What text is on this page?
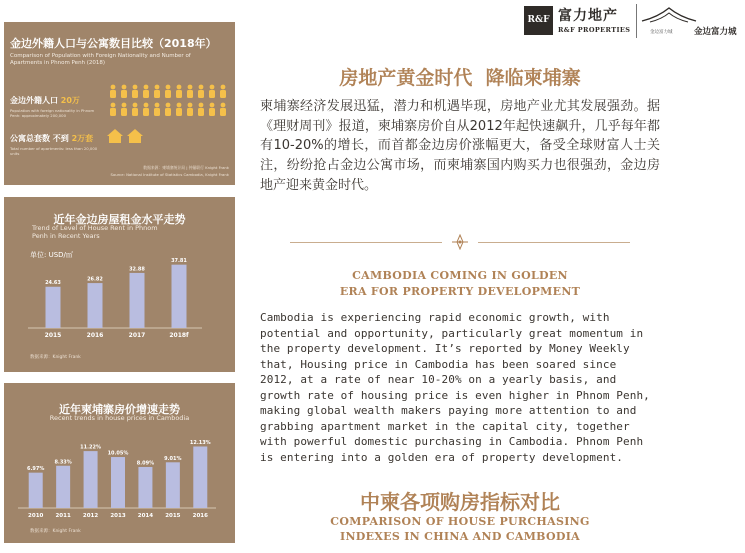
R&F 富力地产
R&F PROPERTIES	金边富力城	金边富力城
金边外籍人口与公寓数目比较（2018年）
Comparison of Population with Foreign Nationality and Number of Apartments in Phnom Penh (2018)
金边外籍人口 20万
Population with foreign nationality in Phnom Penh: approximately 200,000
公寓总套数 不到 2万套
Total number of apartments: less than 20,000 units
数据来源：柬埔寨统计局 | 仲量联行 Knight Frank
Source: National Institute of Statistics Cambodia, Knight Frank
近年金边房屋租金水平走势
Trend of Level of House Rent in Phnom
Penh in Recent Years
单位: USD/㎡
24.63
2015
26.82
2016
32.88
2017
37.81
2018f
数据来源：Knight Frank
近年柬埔寨房价增速走势
Recent trends in house prices in Cambodia
6.97%
2010
8.33%
2011
11.22%
2012
10.05%
2013
8.09%
2014
9.01%
2015
12.13%
2016
数据来源：Knight Frank
房地产黄金时代  降临柬埔寨
柬埔寨经济发展迅猛，潜力和机遇毕现，房地产业尤其发展强劲。据《理财周刊》报道，柬埔寨房价自从2012年起快速飙升，几乎每年都有10-20%的增长，而首都金边房价涨幅更大，备受全球财富人士关注，纷纷抢占金边公寓市场，而柬埔寨国内购买力也很强劲，金边房地产迎来黄金时代。
CAMBODIA COMING IN GOLDEN
ERA FOR PROPERTY DEVELOPMENT
Cambodia is experiencing rapid economic growth, with potential and opportunity, particularly great momentum in the property development. It’s reported by Money Weekly that, Housing price in Cambodia has been soared since 2012, at a rate of near 10-20% on a yearly basis, and growth rate of housing price is even higher in Phnom Penh, making global wealth makers paying more attention to and grabbing apartment market in the capital city, together with powerful domestic purchasing in Cambodia. Phnom Penh is entering into a golden era of property development.
中柬各项购房指标对比
COMPARISON OF HOUSE PURCHASING
INDEXES IN CHINA AND CAMBODIA
